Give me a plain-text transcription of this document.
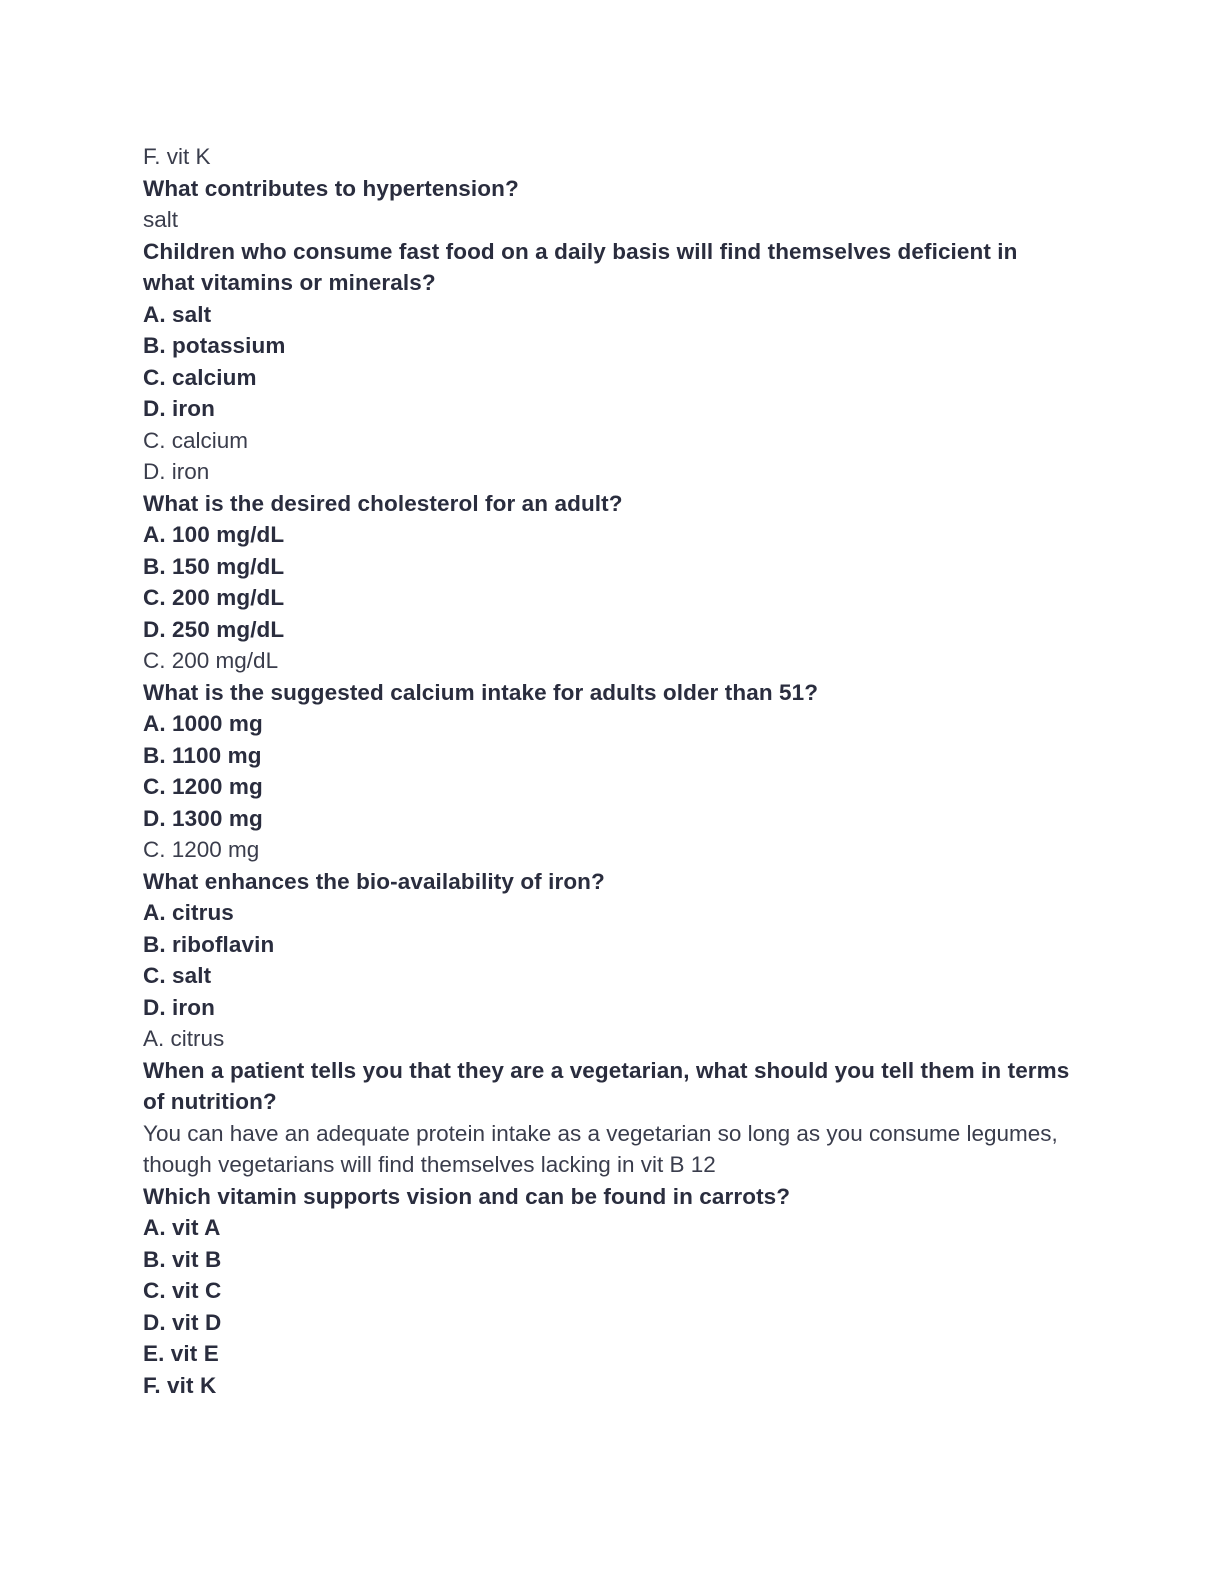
F. vit K

What contributes to hypertension?

salt

Children who consume fast food on a daily basis will find themselves deficient in what vitamins or minerals?

A. salt

B. potassium

C. calcium

D. iron

C. calcium

D. iron

What is the desired cholesterol for an adult?

A. 100 mg/dL

B. 150 mg/dL

C. 200 mg/dL

D. 250 mg/dL

C. 200 mg/dL

What is the suggested calcium intake for adults older than 51?

A. 1000 mg

B. 1100 mg

C. 1200 mg

D. 1300 mg

C. 1200 mg

What enhances the bio-availability of iron?

A. citrus

B. riboflavin

C. salt

D. iron

A. citrus

When a patient tells you that they are a vegetarian, what should you tell them in terms of nutrition?

You can have an adequate protein intake as a vegetarian so long as you consume legumes, though vegetarians will find themselves lacking in vit B 12

Which vitamin supports vision and can be found in carrots?

A. vit A

B. vit B

C. vit C

D. vit D

E. vit E

F. vit K
